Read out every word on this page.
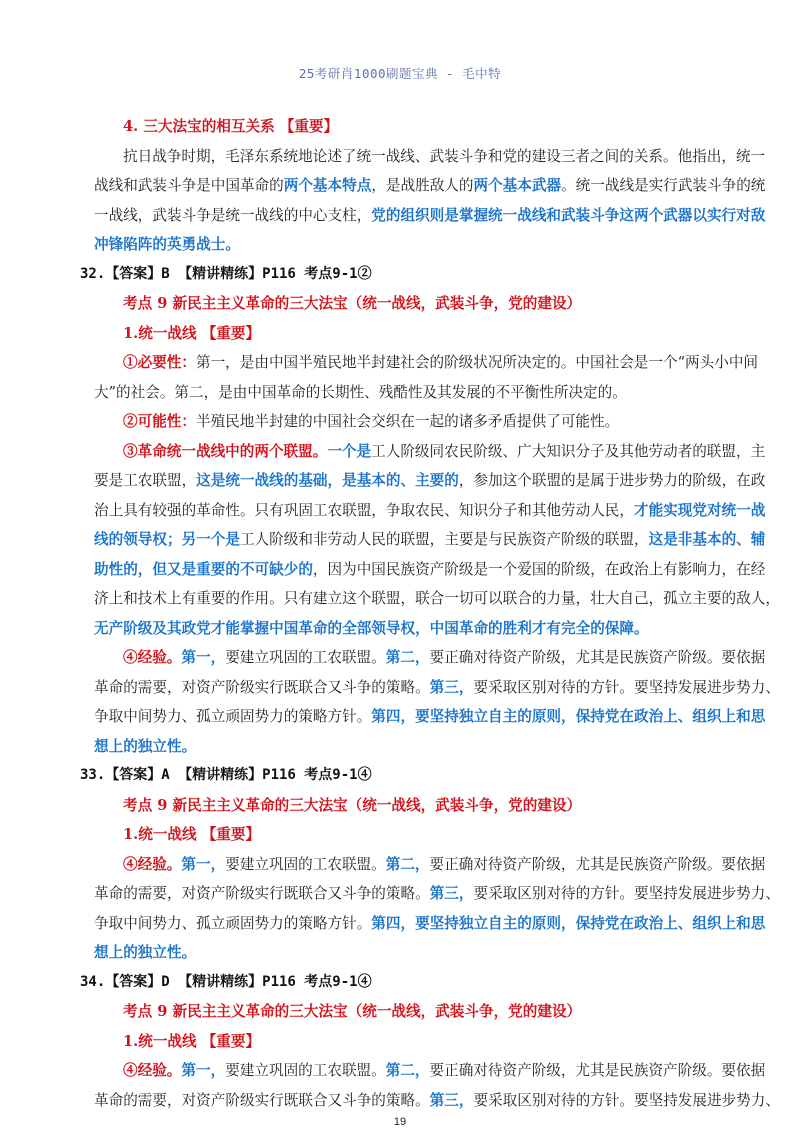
25考研肖1000刷题宝典 - 毛中特
4. 三大法宝的相互关系 【重要】
抗日战争时期，毛泽东系统地论述了统一战线、武装斗争和党的建设三者之间的关系。他指出，统一
战线和武装斗争是中国革命的两个基本特点，是战胜敌人的两个基本武器。统一战线是实行武装斗争的统
一战线，武装斗争是统一战线的中心支柱，党的组织则是掌握统一战线和武装斗争这两个武器以实行对敌
冲锋陷阵的英勇战士。
32.【答案】B 【精讲精练】P116 考点9-1②
考点 9 新民主主义革命的三大法宝（统一战线，武装斗争，党的建设）
1.统一战线 【重要】
①必要性：第一，是由中国半殖民地半封建社会的阶级状况所决定的。中国社会是一个“两头小中间
大”的社会。第二，是由中国革命的长期性、残酷性及其发展的不平衡性所决定的。
②可能性：半殖民地半封建的中国社会交织在一起的诸多矛盾提供了可能性。
③革命统一战线中的两个联盟。一个是工人阶级同农民阶级、广大知识分子及其他劳动者的联盟，主
要是工农联盟，这是统一战线的基础，是基本的、主要的，参加这个联盟的是属于进步势力的阶级，在政
治上具有较强的革命性。只有巩固工农联盟，争取农民、知识分子和其他劳动人民，才能实现党对统一战
线的领导权；另一个是工人阶级和非劳动人民的联盟，主要是与民族资产阶级的联盟，这是非基本的、辅
助性的，但又是重要的不可缺少的，因为中国民族资产阶级是一个爱国的阶级，在政治上有影响力，在经
济上和技术上有重要的作用。只有建立这个联盟，联合一切可以联合的力量，壮大自己，孤立主要的敌人，
无产阶级及其政党才能掌握中国革命的全部领导权，中国革命的胜利才有完全的保障。
④经验。第一，要建立巩固的工农联盟。第二，要正确对待资产阶级，尤其是民族资产阶级。要依据
革命的需要，对资产阶级实行既联合又斗争的策略。第三，要采取区别对待的方针。要坚持发展进步势力、
争取中间势力、孤立顽固势力的策略方针。第四，要坚持独立自主的原则，保持党在政治上、组织上和思
想上的独立性。
33.【答案】A 【精讲精练】P116 考点9-1④
考点 9 新民主主义革命的三大法宝（统一战线，武装斗争，党的建设）
1.统一战线 【重要】
④经验。第一，要建立巩固的工农联盟。第二，要正确对待资产阶级，尤其是民族资产阶级。要依据
革命的需要，对资产阶级实行既联合又斗争的策略。第三，要采取区别对待的方针。要坚持发展进步势力、
争取中间势力、孤立顽固势力的策略方针。第四，要坚持独立自主的原则，保持党在政治上、组织上和思
想上的独立性。
34.【答案】D 【精讲精练】P116 考点9-1④
考点 9 新民主主义革命的三大法宝（统一战线，武装斗争，党的建设）
1.统一战线 【重要】
④经验。第一，要建立巩固的工农联盟。第二，要正确对待资产阶级，尤其是民族资产阶级。要依据
革命的需要，对资产阶级实行既联合又斗争的策略。第三，要采取区别对待的方针。要坚持发展进步势力、
19
